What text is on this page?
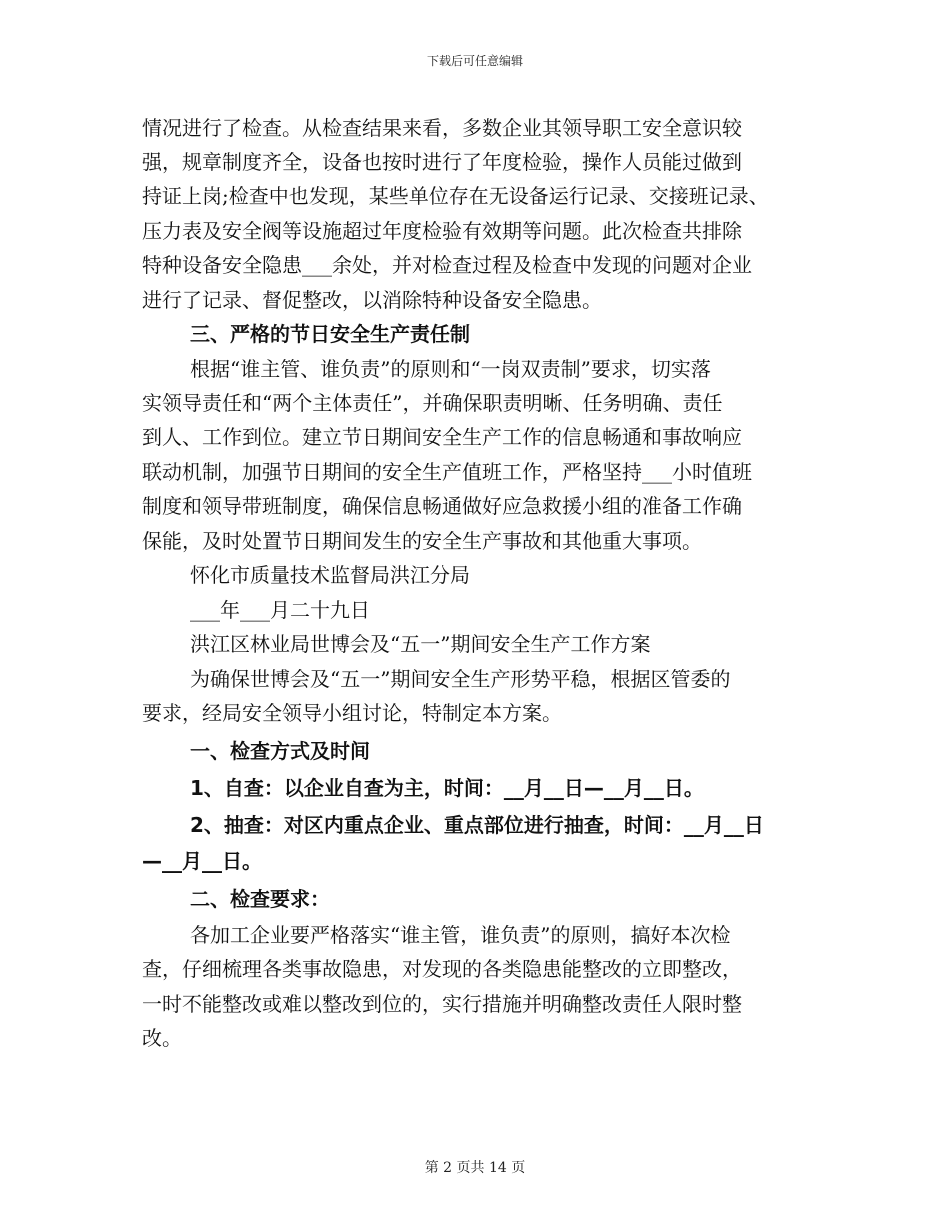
下载后可任意编辑
情况进行了检查。从检查结果来看，多数企业其领导职工安全意识较
强，规章制度齐全，设备也按时进行了年度检验，操作人员能过做到
持证上岗;检查中也发现，某些单位存在无设备运行记录、交接班记录、
压力表及安全阀等设施超过年度检验有效期等问题。此次检查共排除
特种设备安全隐患___余处，并对检查过程及检查中发现的问题对企业
进行了记录、督促整改，以消除特种设备安全隐患。
三、严格的节日安全生产责任制
根据“谁主管、谁负责”的原则和“一岗双责制”要求，切实落
实领导责任和“两个主体责任”，并确保职责明晰、任务明确、责任
到人、工作到位。建立节日期间安全生产工作的信息畅通和事故响应
联动机制，加强节日期间的安全生产值班工作，严格坚持___小时值班
制度和领导带班制度，确保信息畅通做好应急救援小组的准备工作确
保能，及时处置节日期间发生的安全生产事故和其他重大事项。
怀化市质量技术监督局洪江分局
___年___月二十九日
洪江区林业局世博会及“五一”期间安全生产工作方案
为确保世博会及“五一”期间安全生产形势平稳，根据区管委的
要求，经局安全领导小组讨论，特制定本方案。
一、检查方式及时间
1、自查：以企业自查为主，时间：__月__日—__月__日。
2、抽查：对区内重点企业、重点部位进行抽查，时间：__月__日
—__月__日。
二、检查要求：
各加工企业要严格落实“谁主管，谁负责”的原则，搞好本次检
查，仔细梳理各类事故隐患，对发现的各类隐患能整改的立即整改，
一时不能整改或难以整改到位的，实行措施并明确整改责任人限时整
改。
第 2 页共 14 页
